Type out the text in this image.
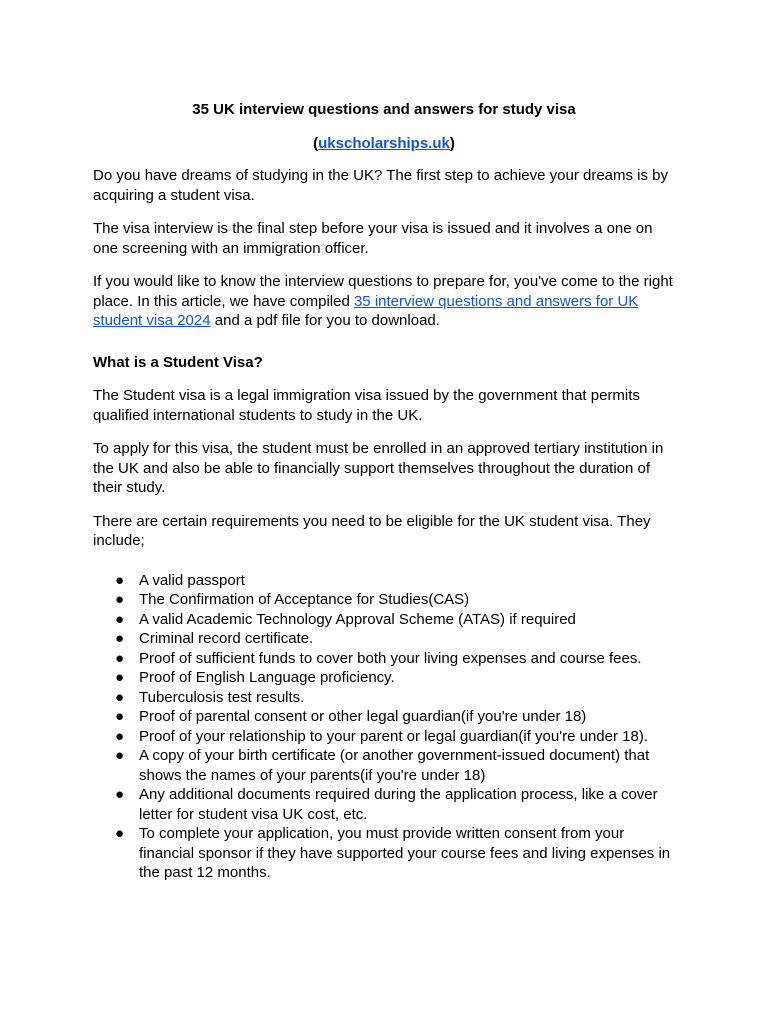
35 UK interview questions and answers for study visa
(ukscholarships.uk)

Do you have dreams of studying in the UK? The first step to achieve your dreams is by acquiring a student visa.

The visa interview is the final step before your visa is issued and it involves a one on one screening with an immigration officer.

If you would like to know the interview questions to prepare for, you've come to the right place. In this article, we have compiled 35 interview questions and answers for UK student visa 2024 and a pdf file for you to download.

What is a Student Visa?

The Student visa is a legal immigration visa issued by the government that permits qualified international students to study in the UK.

To apply for this visa, the student must be enrolled in an approved tertiary institution in the UK and also be able to financially support themselves throughout the duration of their study.

There are certain requirements you need to be eligible for the UK student visa. They include;

● A valid passport
● The Confirmation of Acceptance for Studies(CAS)
● A valid Academic Technology Approval Scheme (ATAS) if required
● Criminal record certificate.
● Proof of sufficient funds to cover both your living expenses and course fees.
● Proof of English Language proficiency.
● Tuberculosis test results.
● Proof of parental consent or other legal guardian(if you're under 18)
● Proof of your relationship to your parent or legal guardian(if you're under 18).
● A copy of your birth certificate (or another government-issued document) that shows the names of your parents(if you're under 18)
● Any additional documents required during the application process, like a cover letter for student visa UK cost, etc.
● To complete your application, you must provide written consent from your financial sponsor if they have supported your course fees and living expenses in the past 12 months.
